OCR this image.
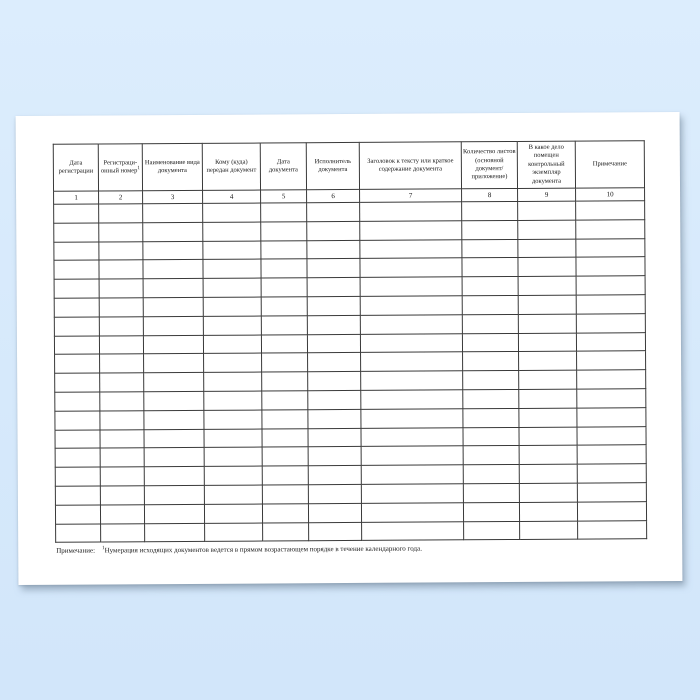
Дата регистрации	Регистраци-онный номер$^1$	Наименование вида документа	Кому (куда) передан документ	Дата документа	Исполнитель документа	Заголовок к тексту или краткое содержание документа	Количество листов (основной документ/ приложение)	В какое дело помещен контрольный экземпляр документа	Примечание
1	2	3	4	5	6	7	8	9	10

Примечание: $^1$Нумерация исходящих документов ведется в прямом возрастающем порядке в течение календарного года.
